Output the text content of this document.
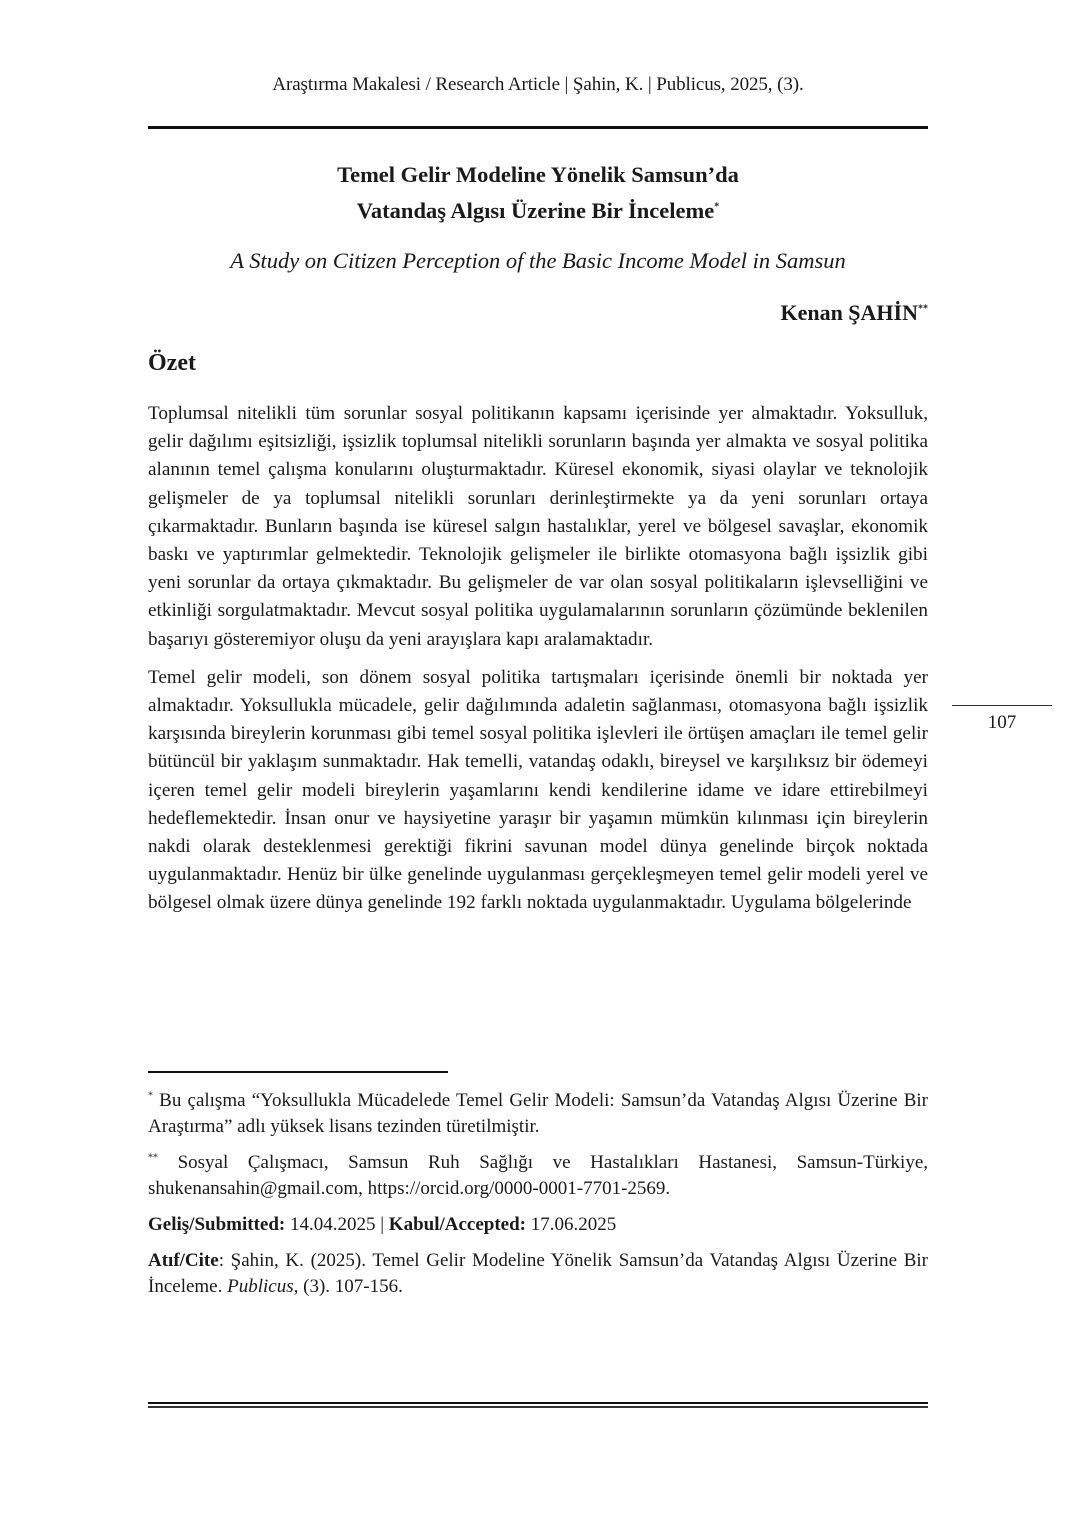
Araştırma Makalesi / Research Article | Şahin, K. | Publicus, 2025, (3).
Temel Gelir Modeline Yönelik Samsun’da
Vatandaş Algısı Üzerine Bir İnceleme*
A Study on Citizen Perception of the Basic Income Model in Samsun
Kenan ŞAHİN**
Özet

Toplumsal nitelikli tüm sorunlar sosyal politikanın kapsamı içerisinde yer almaktadır. Yoksulluk, gelir dağılımı eşitsizliği, işsizlik toplumsal nitelikli sorunların başında yer almakta ve sosyal politika alanının temel çalışma konularını oluşturmaktadır. Küresel ekonomik, siyasi olaylar ve teknolojik gelişmeler de ya toplumsal nitelikli sorunları derinleştirmekte ya da yeni sorunları ortaya çıkarmaktadır. Bunların başında ise küresel salgın hastalıklar, yerel ve bölgesel savaşlar, ekonomik baskı ve yaptırımlar gelmektedir. Teknolojik gelişmeler ile birlikte otomasyona bağlı işsizlik gibi yeni sorunlar da ortaya çıkmaktadır. Bu gelişmeler de var olan sosyal politikaların işlevselliğini ve etkinliği sorgulatmaktadır. Mevcut sosyal politika uygulamalarının sorunların çözümünde beklenilen başarıyı gösteremiyor oluşu da yeni arayışlara kapı aralamaktadır.

Temel gelir modeli, son dönem sosyal politika tartışmaları içerisinde önemli bir noktada yer almaktadır. Yoksullukla mücadele, gelir dağılımında adaletin sağlanması, otomasyona bağlı işsizlik karşısında bireylerin korunması gibi temel sosyal politika işlevleri ile örtüşen amaçları ile temel gelir bütüncül bir yaklaşım sunmaktadır. Hak temelli, vatandaş odaklı, bireysel ve karşılıksız bir ödemeyi içeren temel gelir modeli bireylerin yaşamlarını kendi kendilerine idame ve idare ettirebilmeyi hedeflemektedir. İnsan onur ve haysiyetine yaraşır bir yaşamın mümkün kılınması için bireylerin nakdi olarak desteklenmesi gerektiği fikrini savunan model dünya genelinde birçok noktada uygulanmaktadır. Henüz bir ülke genelinde uygulanması gerçekleşmeyen temel gelir modeli yerel ve bölgesel olmak üzere dünya genelinde 192 farklı noktada uygulanmaktadır. Uygulama bölgelerinde

107

* Bu çalışma “Yoksullukla Mücadelede Temel Gelir Modeli: Samsun’da Vatandaş Algısı Üzerine Bir Araştırma” adlı yüksek lisans tezinden türetilmiştir.

** Sosyal Çalışmacı, Samsun Ruh Sağlığı ve Hastalıkları Hastanesi, Samsun-Türkiye, shukenansahin@gmail.com, https://orcid.org/0000-0001-7701-2569.

Geliş/Submitted: 14.04.2025 | Kabul/Accepted: 17.06.2025

Atıf/Cite: Şahin, K. (2025). Temel Gelir Modeline Yönelik Samsun’da Vatandaş Algısı Üzerine Bir İnceleme. Publicus, (3). 107-156.
